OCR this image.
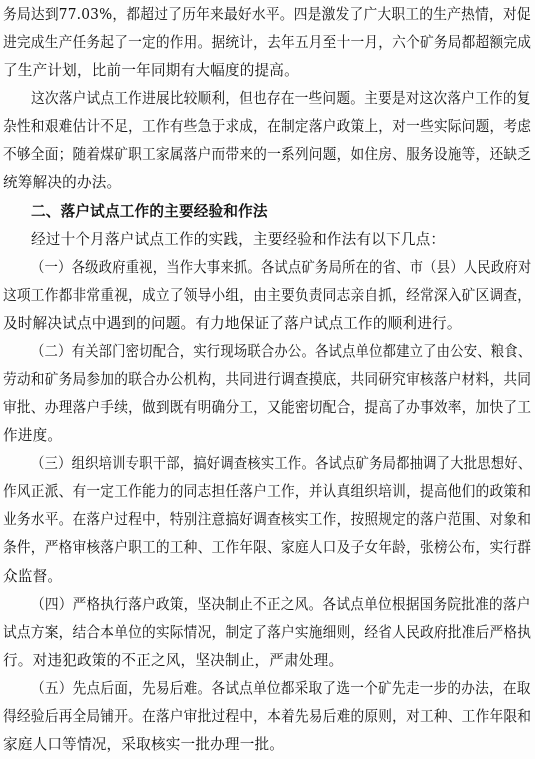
务局达到77.03%，都超过了历年来最好水平。四是激发了广大职工的生产热情，对促
进完成生产任务起了一定的作用。据统计，去年五月至十一月，六个矿务局都超额完成
了生产计划，比前一年同期有大幅度的提高。
这次落户试点工作进展比较顺利，但也存在一些问题。主要是对这次落户工作的复
杂性和艰难估计不足，工作有些急于求成，在制定落户政策上，对一些实际问题，考虑
不够全面；随着煤矿职工家属落户而带来的一系列问题，如住房、服务设施等，还缺乏
统筹解决的办法。
二、落户试点工作的主要经验和作法
经过十个月落户试点工作的实践，主要经验和作法有以下几点：
（一）各级政府重视，当作大事来抓。各试点矿务局所在的省、市（县）人民政府对
这项工作都非常重视，成立了领导小组，由主要负责同志亲自抓，经常深入矿区调查，
及时解决试点中遇到的问题。有力地保证了落户试点工作的顺利进行。
（二）有关部门密切配合，实行现场联合办公。各试点单位都建立了由公安、粮食、
劳动和矿务局参加的联合办公机构，共同进行调查摸底，共同研究审核落户材料，共同
审批、办理落户手续，做到既有明确分工，又能密切配合，提高了办事效率，加快了工
作进度。
（三）组织培训专职干部，搞好调查核实工作。各试点矿务局都抽调了大批思想好、
作风正派、有一定工作能力的同志担任落户工作，并认真组织培训，提高他们的政策和
业务水平。在落户过程中，特别注意搞好调查核实工作，按照规定的落户范围、对象和
条件，严格审核落户职工的工种、工作年限、家庭人口及子女年龄，张榜公布，实行群
众监督。
（四）严格执行落户政策，坚决制止不正之风。各试点单位根据国务院批准的落户
试点方案，结合本单位的实际情况，制定了落户实施细则，经省人民政府批准后严格执
行。对违犯政策的不正之风，坚决制止，严肃处理。
（五）先点后面，先易后难。各试点单位都采取了选一个矿先走一步的办法，在取
得经验后再全局铺开。在落户审批过程中，本着先易后难的原则，对工种、工作年限和
家庭人口等情况，采取核实一批办理一批。
